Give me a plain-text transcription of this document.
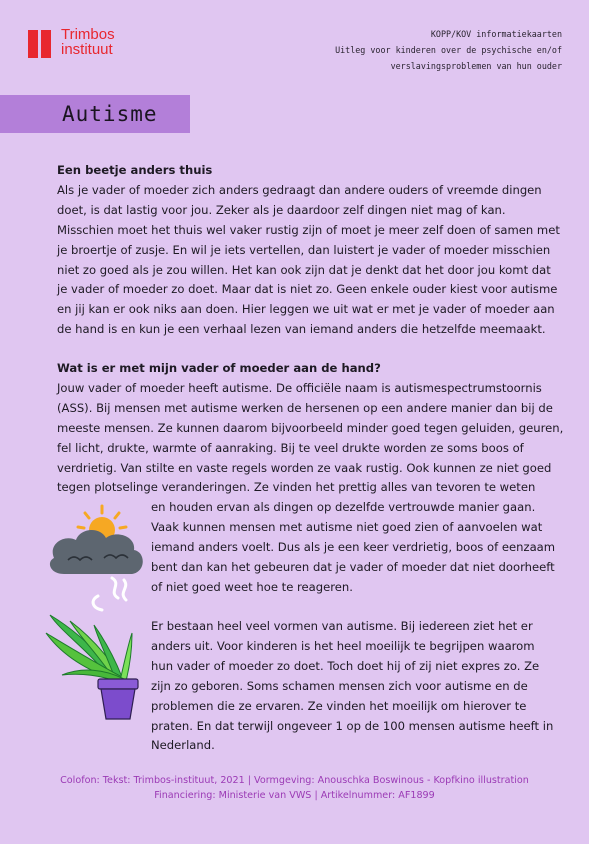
Trimbos
instituut
KOPP/KOV informatiekaarten
Uitleg voor kinderen over de psychische en/of
verslavingsproblemen van hun ouder
Autisme
Een beetje anders thuis

Als je vader of moeder zich anders gedraagt dan andere ouders of vreemde dingen
doet, is dat lastig voor jou. Zeker als je daardoor zelf dingen niet mag of kan.
Misschien moet het thuis wel vaker rustig zijn of moet je meer zelf doen of samen met
je broertje of zusje. En wil je iets vertellen, dan luistert je vader of moeder misschien
niet zo goed als je zou willen. Het kan ook zijn dat je denkt dat het door jou komt dat
je vader of moeder zo doet. Maar dat is niet zo. Geen enkele ouder kiest voor autisme
en jij kan er ook niks aan doen. Hier leggen we uit wat er met je vader of moeder aan
de hand is en kun je een verhaal lezen van iemand anders die hetzelfde meemaakt.

Wat is er met mijn vader of moeder aan de hand?

Jouw vader of moeder heeft autisme. De officiële naam is autismespectrumstoornis
(ASS). Bij mensen met autisme werken de hersenen op een andere manier dan bij de
meeste mensen. Ze kunnen daarom bijvoorbeeld minder goed tegen geluiden, geuren,
fel licht, drukte, warmte of aanraking. Bij te veel drukte worden ze soms boos of
verdrietig. Van stilte en vaste regels worden ze vaak rustig. Ook kunnen ze niet goed
tegen plotselinge veranderingen. Ze vinden het prettig alles van tevoren te weten

en houden ervan als dingen op dezelfde vertrouwde manier gaan.
Vaak kunnen mensen met autisme niet goed zien of aanvoelen wat
iemand anders voelt. Dus als je een keer verdrietig, boos of eenzaam
bent dan kan het gebeuren dat je vader of moeder dat niet doorheeft
of niet goed weet hoe te reageren.

Er bestaan heel veel vormen van autisme. Bij iedereen ziet het er
anders uit. Voor kinderen is het heel moeilijk te begrijpen waarom
hun vader of moeder zo doet. Toch doet hij of zij niet expres zo. Ze
zijn zo geboren. Soms schamen mensen zich voor autisme en de
problemen die ze ervaren. Ze vinden het moeilijk om hierover te
praten. En dat terwijl ongeveer 1 op de 100 mensen autisme heeft in
Nederland.

Colofon: Tekst: Trimbos-instituut, 2021 | Vormgeving: Anouschka Boswinous - Kopfkino illustration
Financiering: Ministerie van VWS | Artikelnummer: AF1899
